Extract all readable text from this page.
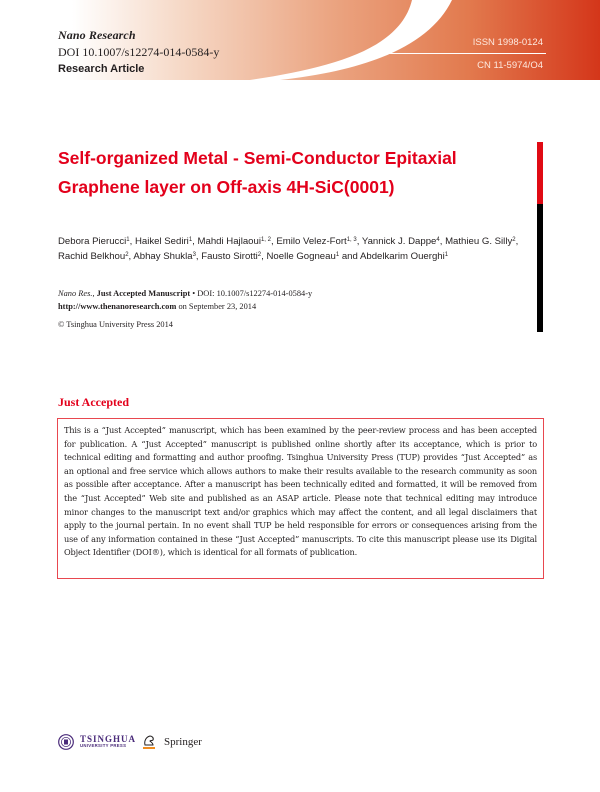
Nano Research
DOI 10.1007/s12274-014-0584-y
Research Article
ISSN 1998-0124
CN 11-5974/O4
Self-organized Metal - Semi-Conductor Epitaxial
Graphene layer on Off-axis 4H-SiC(0001)
Debora Pierucci$^1$, Haikel Sediri$^1$, Mahdi Hajlaoui$^{1, 2}$, Emilo Velez-Fort$^{1, 3}$, Yannick J. Dappe$^4$, Mathieu G. Silly$^2$, Rachid Belkhou$^2$, Abhay Shukla$^3$, Fausto Sirotti$^2$, Noelle Gogneau$^1$ and Abdelkarim Ouerghi$^1$
Nano Res., Just Accepted Manuscript • DOI: 10.1007/s12274-014-0584-y
http://www.thenanoresearch.com on September 23, 2014
© Tsinghua University Press 2014
Just Accepted

This is a “Just Accepted” manuscript, which has been examined by the peer-review process and has been accepted for publication. A “Just Accepted” manuscript is published online shortly after its acceptance, which is prior to technical editing and formatting and author proofing. Tsinghua University Press (TUP) provides “Just Accepted” as an optional and free service which allows authors to make their results available to the research community as soon as possible after acceptance. After a manuscript has been technically edited and formatted, it will be removed from the “Just Accepted” Web site and published as an ASAP article. Please note that technical editing may introduce minor changes to the manuscript text and/or graphics which may affect the content, and all legal disclaimers that apply to the journal pertain. In no event shall TUP be held responsible for errors or consequences arising from the use of any information contained in these “Just Accepted” manuscripts. To cite this manuscript please use its Digital Object Identifier (DOI®), which is identical for all formats of publication.

TSINGHUA
UNIVERSITY PRESS	Springer
